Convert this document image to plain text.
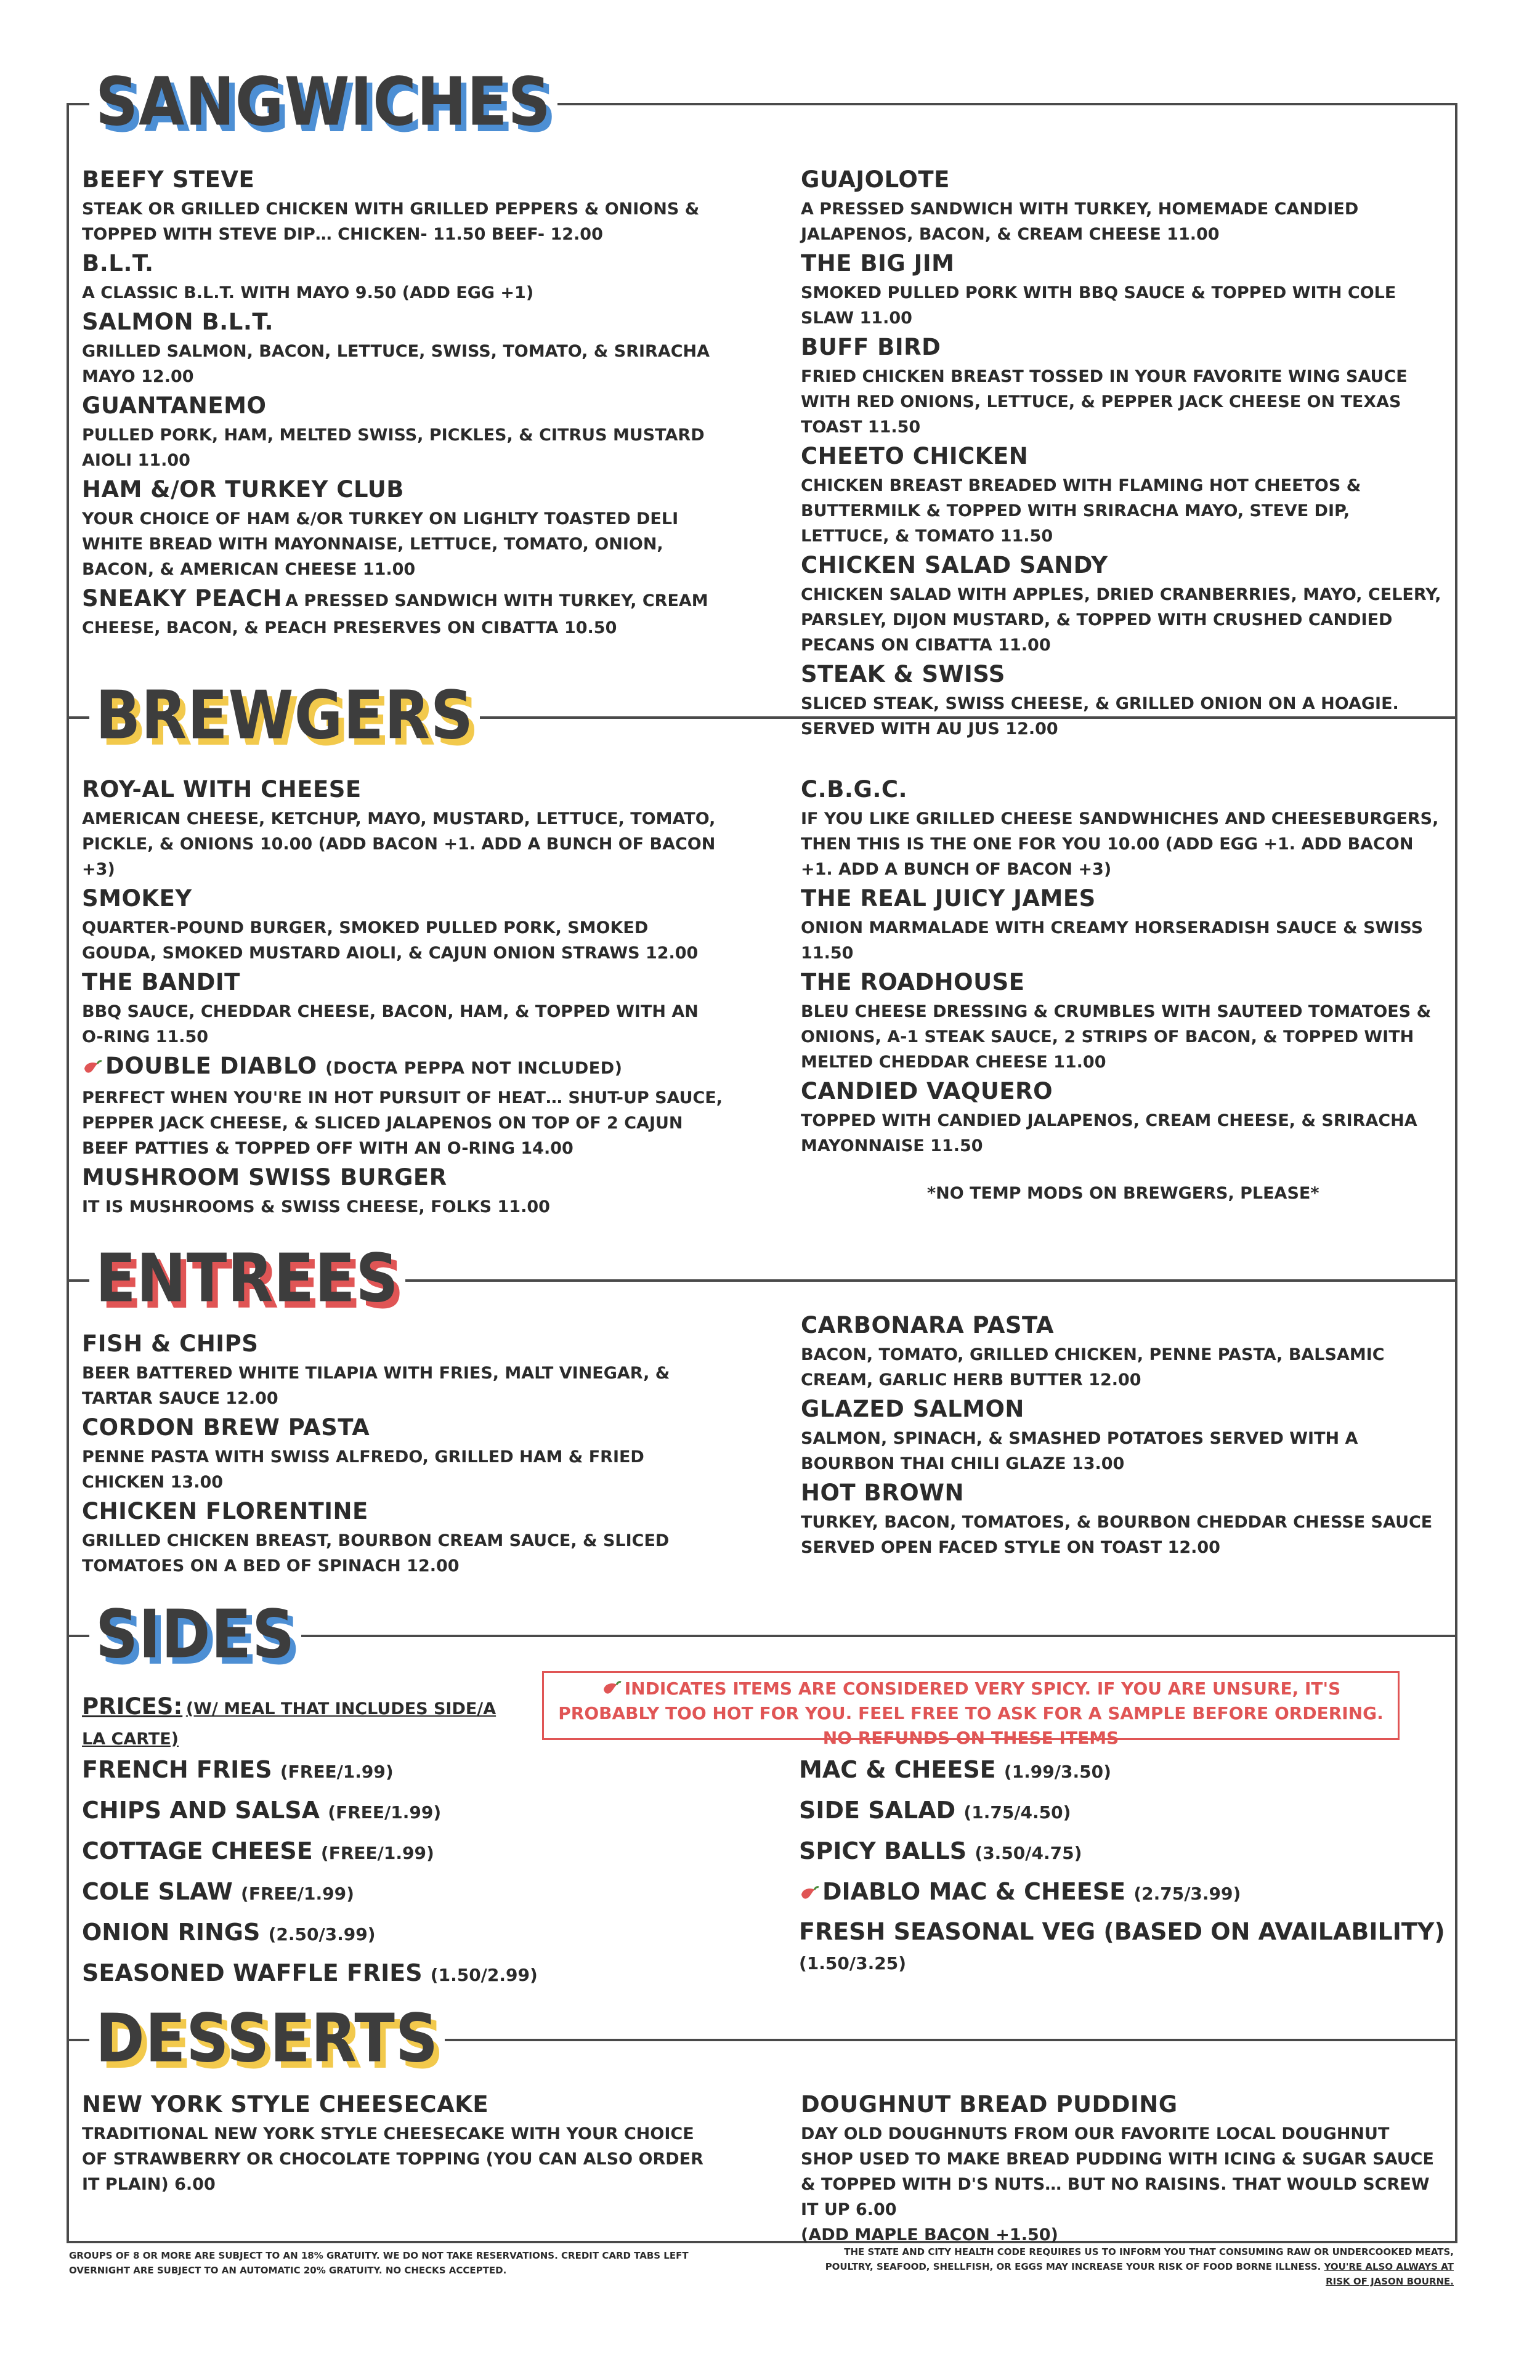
SANGWICHES
BEEFY STEVE
STEAK OR GRILLED CHICKEN WITH GRILLED PEPPERS & ONIONS & TOPPED WITH STEVE DIP… CHICKEN- 11.50 BEEF- 12.00
B.L.T.
A CLASSIC B.L.T. WITH MAYO 9.50 (ADD EGG +1)
SALMON B.L.T.
GRILLED SALMON, BACON, LETTUCE, SWISS, TOMATO, & SRIRACHA MAYO 12.00
GUANTANEMO
PULLED PORK, HAM, MELTED SWISS, PICKLES, & CITRUS MUSTARD AIOLI 11.00
HAM &/OR TURKEY CLUB
YOUR CHOICE OF HAM &/OR TURKEY ON LIGHLTY TOASTED DELI WHITE BREAD WITH MAYONNAISE, LETTUCE, TOMATO, ONION, BACON, & AMERICAN CHEESE 11.00
SNEAKY PEACH A PRESSED SANDWICH WITH TURKEY, CREAM CHEESE, BACON, & PEACH PRESERVES ON CIBATTA 10.50
GUAJOLOTE
A PRESSED SANDWICH WITH TURKEY, HOMEMADE CANDIED JALAPENOS, BACON, & CREAM CHEESE 11.00
THE BIG JIM
SMOKED PULLED PORK WITH BBQ SAUCE & TOPPED WITH COLE SLAW 11.00
BUFF BIRD
FRIED CHICKEN BREAST TOSSED IN YOUR FAVORITE WING SAUCE WITH RED ONIONS, LETTUCE, & PEPPER JACK CHEESE ON TEXAS TOAST 11.50
CHEETO CHICKEN
CHICKEN BREAST BREADED WITH FLAMING HOT CHEETOS & BUTTERMILK & TOPPED WITH SRIRACHA MAYO, STEVE DIP, LETTUCE, & TOMATO 11.50
CHICKEN SALAD SANDY
CHICKEN SALAD WITH APPLES, DRIED CRANBERRIES, MAYO, CELERY, PARSLEY, DIJON MUSTARD, & TOPPED WITH CRUSHED CANDIED PECANS ON CIBATTA 11.00
STEAK & SWISS
SLICED STEAK, SWISS CHEESE, & GRILLED ONION ON A HOAGIE. SERVED WITH AU JUS 12.00
BREWGERS
ROY-AL WITH CHEESE
AMERICAN CHEESE, KETCHUP, MAYO, MUSTARD, LETTUCE, TOMATO, PICKLE, & ONIONS 10.00 (ADD BACON +1. ADD A BUNCH OF BACON +3)
SMOKEY
QUARTER-POUND BURGER, SMOKED PULLED PORK, SMOKED GOUDA, SMOKED MUSTARD AIOLI, & CAJUN ONION STRAWS 12.00
THE BANDIT
BBQ SAUCE, CHEDDAR CHEESE, BACON, HAM, & TOPPED WITH AN O-RING 11.50
DOUBLE DIABLO (DOCTA PEPPA NOT INCLUDED)
PERFECT WHEN YOU'RE IN HOT PURSUIT OF HEAT… SHUT-UP SAUCE, PEPPER JACK CHEESE, & SLICED JALAPENOS ON TOP OF 2 CAJUN BEEF PATTIES & TOPPED OFF WITH AN O-RING 14.00
MUSHROOM SWISS BURGER
IT IS MUSHROOMS & SWISS CHEESE, FOLKS 11.00
C.B.G.C.
IF YOU LIKE GRILLED CHEESE SANDWHICHES AND CHEESEBURGERS, THEN THIS IS THE ONE FOR YOU 10.00 (ADD EGG +1. ADD BACON +1. ADD A BUNCH OF BACON +3)
THE REAL JUICY JAMES
ONION MARMALADE WITH CREAMY HORSERADISH SAUCE & SWISS 11.50
THE ROADHOUSE
BLEU CHEESE DRESSING & CRUMBLES WITH SAUTEED TOMATOES & ONIONS, A-1 STEAK SAUCE, 2 STRIPS OF BACON, & TOPPED WITH MELTED CHEDDAR CHEESE 11.00
CANDIED VAQUERO
TOPPED WITH CANDIED JALAPENOS, CREAM CHEESE, & SRIRACHA MAYONNAISE 11.50
*NO TEMP MODS ON BREWGERS, PLEASE*
ENTREES
FISH & CHIPS
BEER BATTERED WHITE TILAPIA WITH FRIES, MALT VINEGAR, & TARTAR SAUCE 12.00
CORDON BREW PASTA
PENNE PASTA WITH SWISS ALFREDO, GRILLED HAM & FRIED CHICKEN 13.00
CHICKEN FLORENTINE
GRILLED CHICKEN BREAST, BOURBON CREAM SAUCE, & SLICED TOMATOES ON A BED OF SPINACH 12.00
CARBONARA PASTA
BACON, TOMATO, GRILLED CHICKEN, PENNE PASTA, BALSAMIC CREAM, GARLIC HERB BUTTER 12.00
GLAZED SALMON
SALMON, SPINACH, & SMASHED POTATOES SERVED WITH A BOURBON THAI CHILI GLAZE 13.00
HOT BROWN
TURKEY, BACON, TOMATOES, & BOURBON CHEDDAR CHESSE SAUCE SERVED OPEN FACED STYLE ON TOAST 12.00
SIDES
PRICES: (W/ MEAL THAT INCLUDES SIDE/A LA CARTE)
INDICATES ITEMS ARE CONSIDERED VERY SPICY. IF YOU ARE UNSURE, IT'S PROBABLY TOO HOT FOR YOU. FEEL FREE TO ASK FOR A SAMPLE BEFORE ORDERING. NO REFUNDS ON THESE ITEMS
FRENCH FRIES (FREE/1.99)
CHIPS AND SALSA (FREE/1.99)
COTTAGE CHEESE (FREE/1.99)
COLE SLAW (FREE/1.99)
ONION RINGS (2.50/3.99)
SEASONED WAFFLE FRIES (1.50/2.99)
MAC & CHEESE (1.99/3.50)
SIDE SALAD (1.75/4.50)
SPICY BALLS (3.50/4.75)
DIABLO MAC & CHEESE (2.75/3.99)
FRESH SEASONAL VEG (BASED ON AVAILABILITY)
(1.50/3.25)
DESSERTS
NEW YORK STYLE CHEESECAKE
TRADITIONAL NEW YORK STYLE CHEESECAKE WITH YOUR CHOICE OF STRAWBERRY OR CHOCOLATE TOPPING (YOU CAN ALSO ORDER IT PLAIN) 6.00
DOUGHNUT BREAD PUDDING
DAY OLD DOUGHNUTS FROM OUR FAVORITE LOCAL DOUGHNUT SHOP USED TO MAKE BREAD PUDDING WITH ICING & SUGAR SAUCE & TOPPED WITH D'S NUTS… BUT NO RAISINS. THAT WOULD SCREW IT UP 6.00
(ADD MAPLE BACON +1.50)
GROUPS OF 8 OR MORE ARE SUBJECT TO AN 18% GRATUITY. WE DO NOT TAKE RESERVATIONS. CREDIT CARD TABS LEFT OVERNIGHT ARE SUBJECT TO AN AUTOMATIC 20% GRATUITY. NO CHECKS ACCEPTED.
THE STATE AND CITY HEALTH CODE REQUIRES US TO INFORM YOU THAT CONSUMING RAW OR UNDERCOOKED MEATS, POULTRY, SEAFOOD, SHELLFISH, OR EGGS MAY INCREASE YOUR RISK OF FOOD BORNE ILLNESS. YOU'RE ALSO ALWAYS AT RISK OF JASON BOURNE.
